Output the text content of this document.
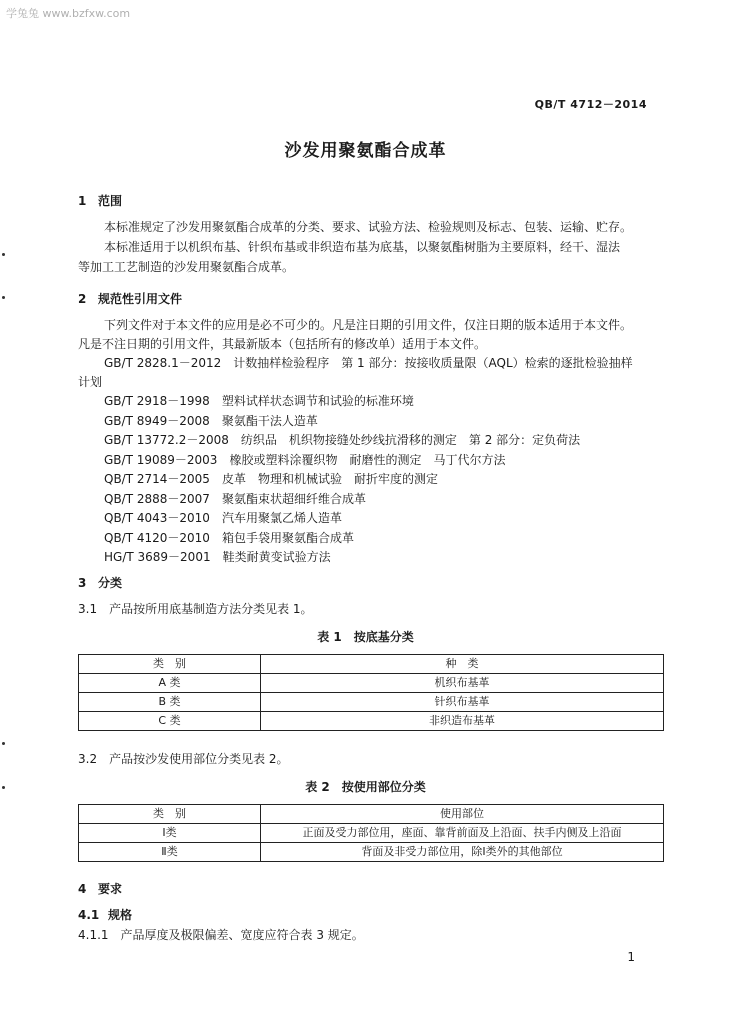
学兔兔 www.bzfxw.com
QB/T 4712－2014
沙发用聚氨酯合成革
1 范围
本标准规定了沙发用聚氨酯合成革的分类、要求、试验方法、检验规则及标志、包装、运输、贮存。
本标准适用于以机织布基、针织布基或非织造布基为底基，以聚氨酯树脂为主要原料，经干、湿法
等加工工艺制造的沙发用聚氨酯合成革。
2 规范性引用文件
下列文件对于本文件的应用是必不可少的。凡是注日期的引用文件，仅注日期的版本适用于本文件。
凡是不注日期的引用文件，其最新版本（包括所有的修改单）适用于本文件。
GB/T 2828.1－2012　计数抽样检验程序　第 1 部分：按接收质量限（AQL）检索的逐批检验抽样
计划
GB/T 2918－1998　 塑料试样状态调节和试验的标准环境
GB/T 8949－2008　 聚氨酯干法人造革
GB/T 13772.2－2008　 纺织品　机织物接缝处纱线抗滑移的测定　第 2 部分：定负荷法
GB/T 19089－2003　 橡胶或塑料涂覆织物　耐磨性的测定　马丁代尔方法
QB/T 2714－2005　 皮革　物理和机械试验　耐折牢度的测定
QB/T 2888－2007　 聚氨酯束状超细纤维合成革
QB/T 4043－2010　 汽车用聚氯乙烯人造革
QB/T 4120－2010　 箱包手袋用聚氨酯合成革
HG/T 3689－2001　 鞋类耐黄变试验方法
3 分类
3.1　产品按所用底基制造方法分类见表 1。
表 1　按底基分类
类　别	种　类
A 类	机织布基革
B 类	针织布基革
C 类	非织造布基革
3.2　产品按沙发使用部位分类见表 2。
表 2　按使用部位分类
类　别	使用部位
Ⅰ类	正面及受力部位用，座面、靠背前面及上沿面、扶手内侧及上沿面
Ⅱ类	背面及非受力部位用，除Ⅰ类外的其他部位
4 要求
4.1 规格
4.1.1　产品厚度及极限偏差、宽度应符合表 3 规定。
1
